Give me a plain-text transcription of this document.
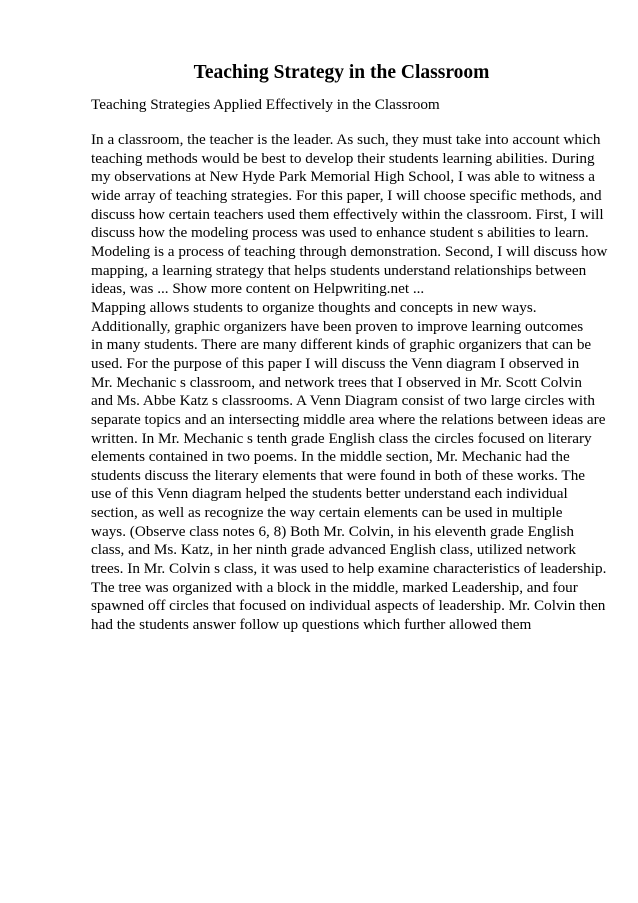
Teaching Strategy in the Classroom
Teaching Strategies Applied Effectively in the Classroom
In a classroom, the teacher is the leader. As such, they must take into account which
teaching methods would be best to develop their students learning abilities. During
my observations at New Hyde Park Memorial High School, I was able to witness a
wide array of teaching strategies. For this paper, I will choose specific methods, and
discuss how certain teachers used them effectively within the classroom. First, I will
discuss how the modeling process was used to enhance student s abilities to learn.
Modeling is a process of teaching through demonstration. Second, I will discuss how
mapping, a learning strategy that helps students understand relationships between
ideas, was ... Show more content on Helpwriting.net ...
Mapping allows students to organize thoughts and concepts in new ways.
Additionally, graphic organizers have been proven to improve learning outcomes
in many students. There are many different kinds of graphic organizers that can be
used. For the purpose of this paper I will discuss the Venn diagram I observed in
Mr. Mechanic s classroom, and network trees that I observed in Mr. Scott Colvin
and Ms. Abbe Katz s classrooms. A Venn Diagram consist of two large circles with
separate topics and an intersecting middle area where the relations between ideas are
written. In Mr. Mechanic s tenth grade English class the circles focused on literary
elements contained in two poems. In the middle section, Mr. Mechanic had the
students discuss the literary elements that were found in both of these works. The
use of this Venn diagram helped the students better understand each individual
section, as well as recognize the way certain elements can be used in multiple
ways. (Observe class notes 6, 8) Both Mr. Colvin, in his eleventh grade English
class, and Ms. Katz, in her ninth grade advanced English class, utilized network
trees. In Mr. Colvin s class, it was used to help examine characteristics of leadership.
The tree was organized with a block in the middle, marked Leadership, and four
spawned off circles that focused on individual aspects of leadership. Mr. Colvin then
had the students answer follow up questions which further allowed them
